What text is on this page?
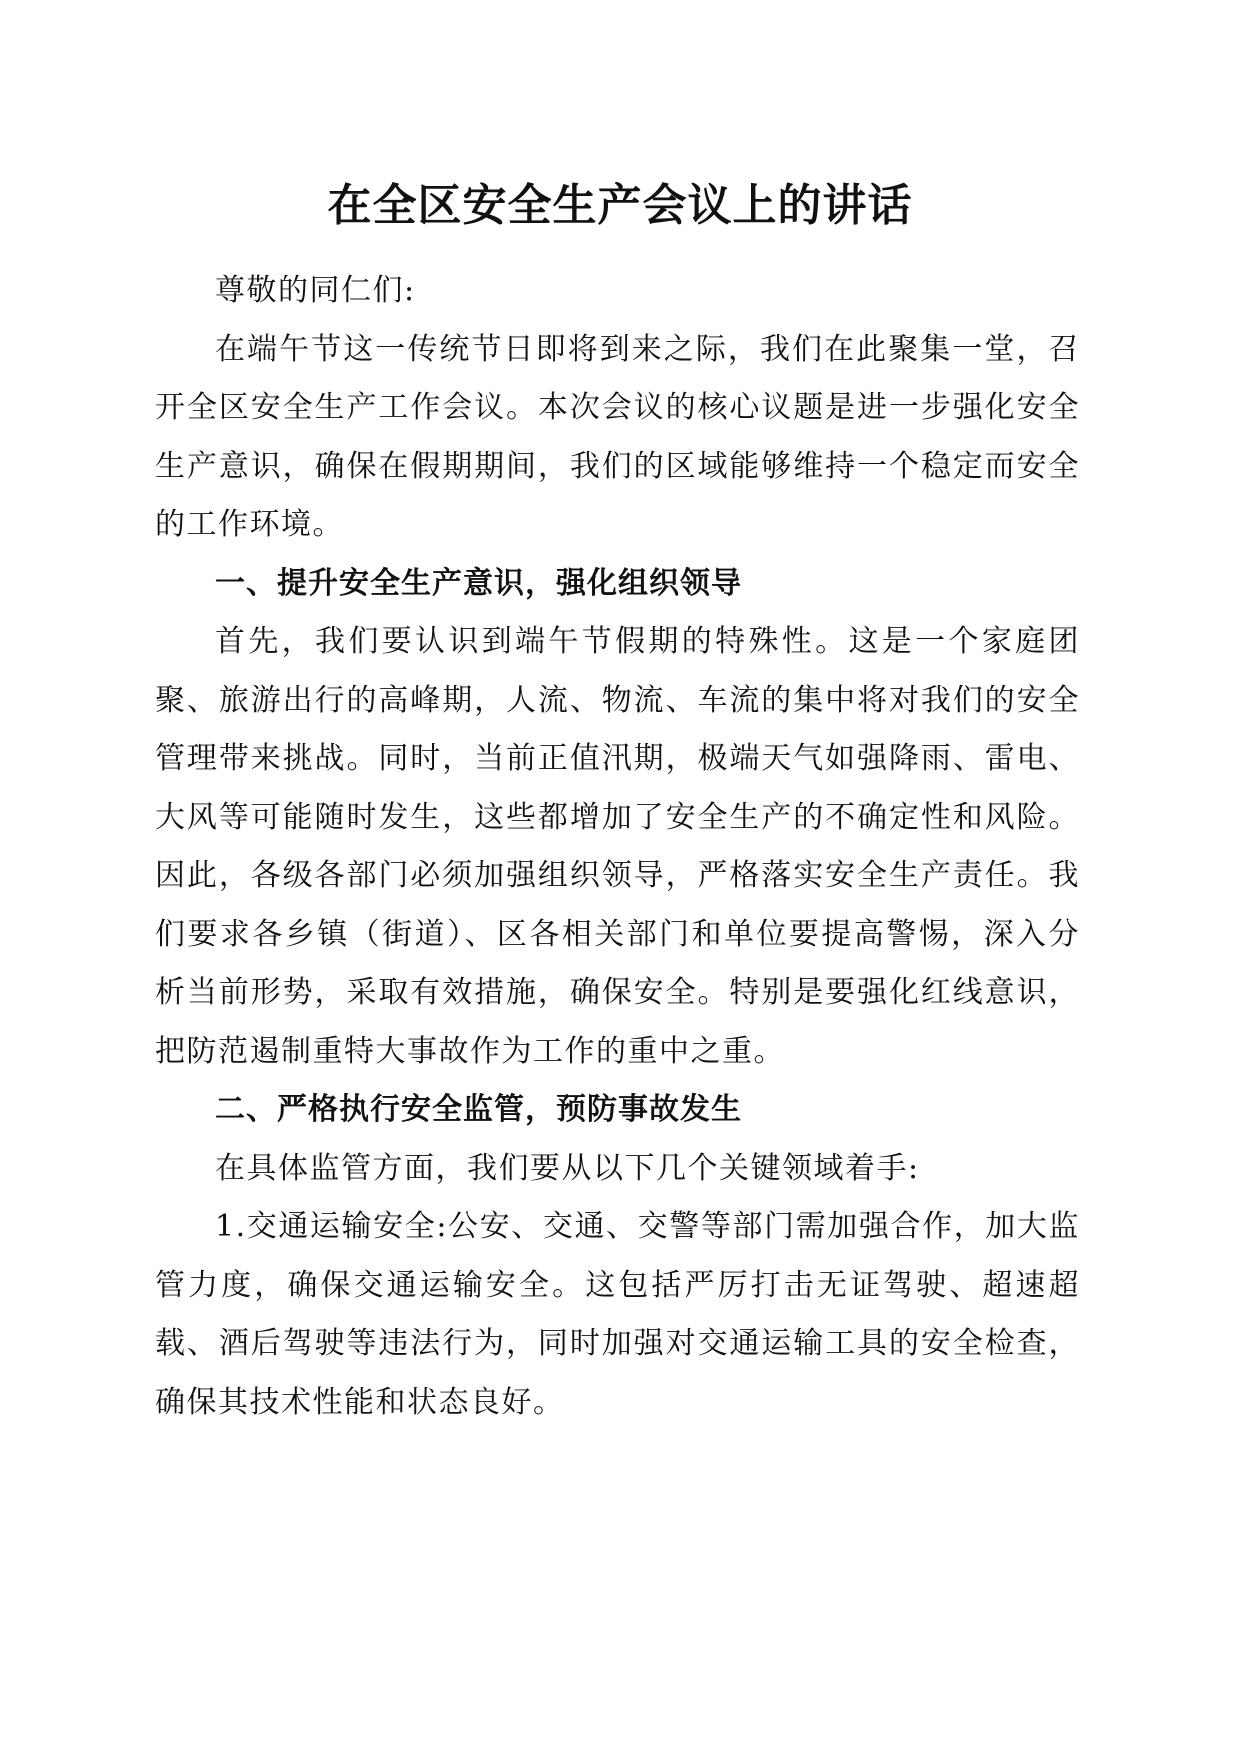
在全区安全生产会议上的讲话

尊敬的同仁们:

在端午节这一传统节日即将到来之际，我们在此聚集一堂，召开全区安全生产工作会议。本次会议的核心议题是进一步强化安全生产意识，确保在假期期间，我们的区域能够维持一个稳定而安全的工作环境。

一、提升安全生产意识，强化组织领导

首先，我们要认识到端午节假期的特殊性。这是一个家庭团聚、旅游出行的高峰期，人流、物流、车流的集中将对我们的安全管理带来挑战。同时，当前正值汛期，极端天气如强降雨、雷电、大风等可能随时发生，这些都增加了安全生产的不确定性和风险。因此，各级各部门必须加强组织领导，严格落实安全生产责任。我们要求各乡镇（街道）、区各相关部门和单位要提高警惕，深入分析当前形势，采取有效措施，确保安全。特别是要强化红线意识，把防范遏制重特大事故作为工作的重中之重。

二、严格执行安全监管，预防事故发生

在具体监管方面，我们要从以下几个关键领域着手:

1.交通运输安全:公安、交通、交警等部门需加强合作，加大监管力度，确保交通运输安全。这包括严厉打击无证驾驶、超速超载、酒后驾驶等违法行为，同时加强对交通运输工具的安全检查，确保其技术性能和状态良好。
